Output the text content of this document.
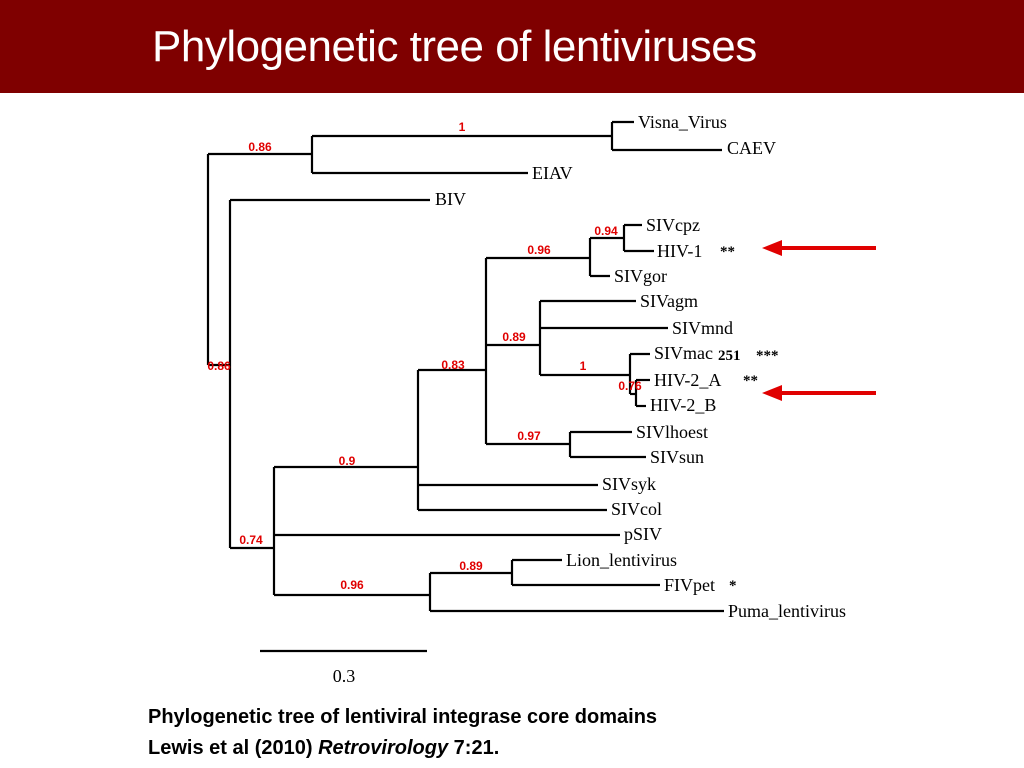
Phylogenetic tree of lentiviruses
Visna_Virus
CAEV
EIAV
BIV
SIVcpz
HIV-1 **
SIVgor
SIVagm
SIVmnd
SIVmac 251 ***
HIV-2_A **
HIV-2_B
SIVlhoest
SIVsun
SIVsyk
SIVcol
pSIV
Lion_lentivirus
FIVpet *
Puma_lentivirus
1
0.86
0.86
0.94
0.96
0.89
1
0.76
0.83
0.97
0.9
0.74
0.96
0.89
0.3
Phylogenetic tree of lentiviral integrase core domains
Lewis et al (2010) Retrovirology 7:21.
